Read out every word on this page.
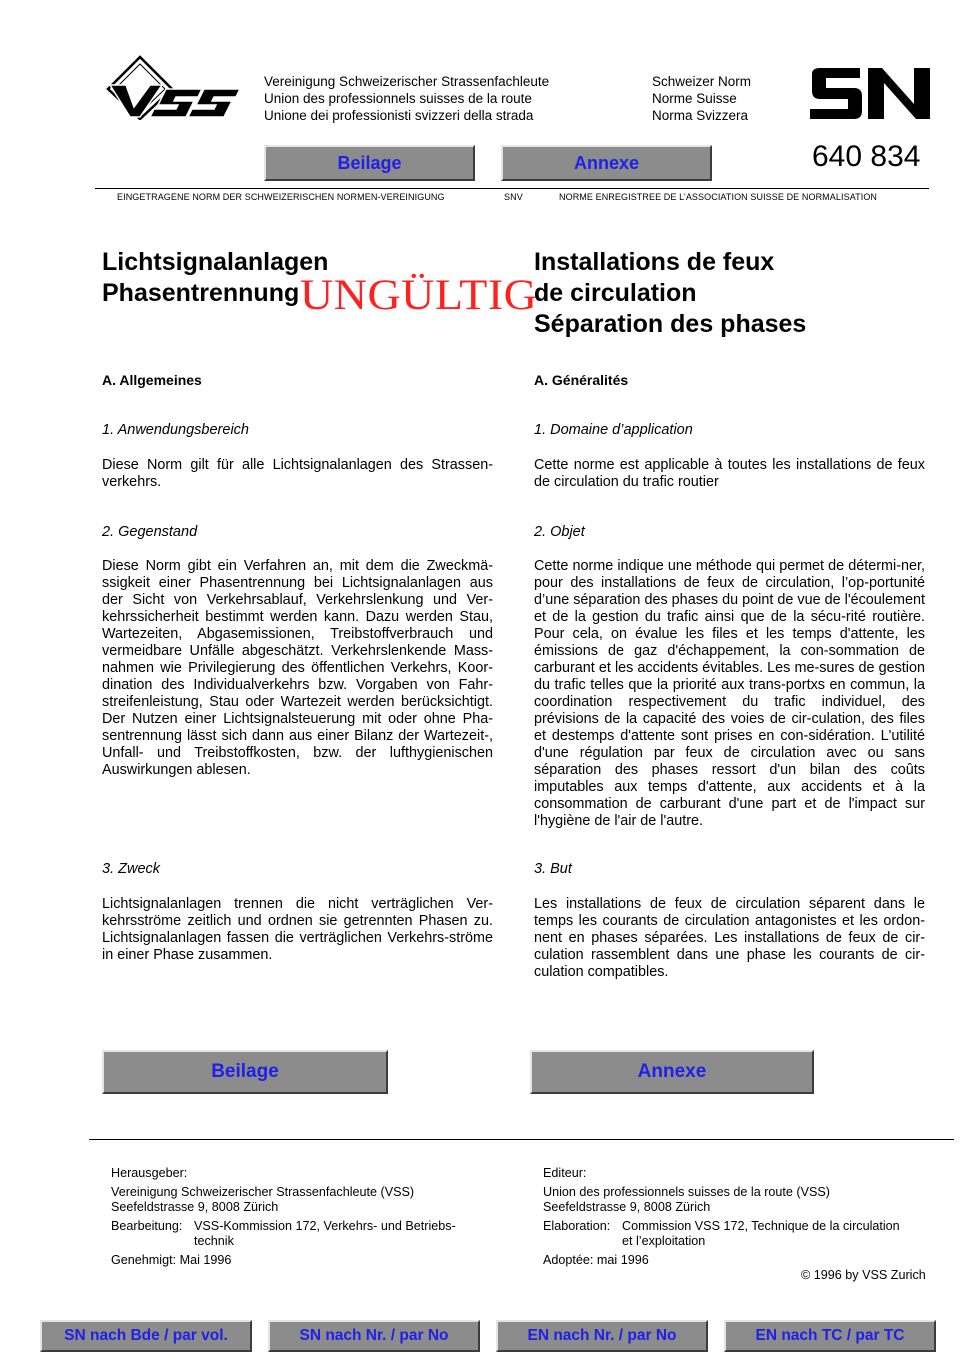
Vereinigung Schweizerischer Strassenfachleute
Union des professionnels suisses de la route
Unione dei professionisti svizzeri della strada
Schweizer Norm
Norme Suisse
Norma Svizzera
640 834
Beilage	Annexe
EINGETRAGENE NORM DER SCHWEIZERISCHEN NORMEN-VEREINIGUNG	SNV	NORME ENREGISTREE DE L’ASSOCIATION SUISSE DE NORMALISATION
Lichtsignalanlagen
Phasentrennung
Installations de feux
de circulation
Séparation des phases
UNGÜLTIG
A. Allgemeines
1. Anwendungsbereich
Diese Norm gilt für alle Lichtsignalanlagen des Strassen-verkehrs.
2. Gegenstand
Diese Norm gibt ein Verfahren an, mit dem die Zweckmä-ssigkeit einer Phasentrennung bei Lichtsignalanlagen aus der Sicht von Verkehrsablauf, Verkehrslenkung und Ver-kehrssicherheit bestimmt werden kann. Dazu werden Stau, Wartezeiten, Abgasemissionen, Treibstoffverbrauch und vermeidbare Unfälle abgeschätzt. Verkehrslenkende Mass-nahmen wie Privilegierung des öffentlichen Verkehrs, Koor-dination des Individualverkehrs bzw. Vorgaben von Fahr-streifenleistung, Stau oder Wartezeit werden berücksichtigt. Der Nutzen einer Lichtsignalsteuerung mit oder ohne Pha-sentrennung lässt sich dann aus einer Bilanz der Wartezeit-, Unfall- und Treibstoffkosten, bzw. der lufthygienischen Auswirkungen ablesen.
3. Zweck
Lichtsignalanlagen trennen die nicht verträglichen Ver-kehrsströme zeitlich und ordnen sie getrennten Phasen zu. Lichtsignalanlagen fassen die verträglichen Verkehrs-ströme in einer Phase zusammen.
A. Généralités
1. Domaine d’application
Cette norme est applicable à toutes les installations de feux de circulation du trafic routier
2. Objet
Cette norme indique une méthode qui permet de détermi-ner, pour des installations de feux de circulation, l’op-portunité d’une séparation des phases du point de vue de l'écoulement et de la gestion du trafic ainsi que de la sécu-rité routière. Pour cela, on évalue les files et les temps d'attente, les émissions de gaz d'échappement, la con-sommation de carburant et les accidents évitables. Les me-sures de gestion du trafic telles que la priorité aux trans-portxs en commun, la coordination respectivement du trafic individuel, des prévisions de la capacité des voies de cir-culation, des files et destemps d'attente sont prises en con-sidération. L'utilité d'une régulation par feux de circulation avec ou sans séparation des phases ressort d'un bilan des coûts imputables aux temps d'attente, aux accidents et à la consommation de carburant d'une part et de l'impact sur l'hygiène de l'air de l'autre.
3. But
Les installations de feux de circulation séparent dans le temps les courants de circulation antagonistes et les ordon-nent en phases séparées. Les installations de feux de cir-culation rassemblent dans une phase les courants de cir-culation compatibles.
Beilage	Annexe
Herausgeber:
Vereinigung Schweizerischer Strassenfachleute (VSS)
Seefeldstrasse 9, 8008 Zürich
Bearbeitung: VSS-Kommission 172, Verkehrs- und Betriebs-
technik
Genehmigt: Mai 1996
Editeur:
Union des professionnels suisses de la route (VSS)
Seefeldstrasse 9, 8008 Zürich
Elaboration: Commission VSS 172, Technique de la circulation
et l’exploitation
Adoptée: mai 1996
© 1996 by VSS Zurich
SN nach Bde / par vol.	SN nach Nr. / par No	EN nach Nr. / par No	EN nach TC / par TC
